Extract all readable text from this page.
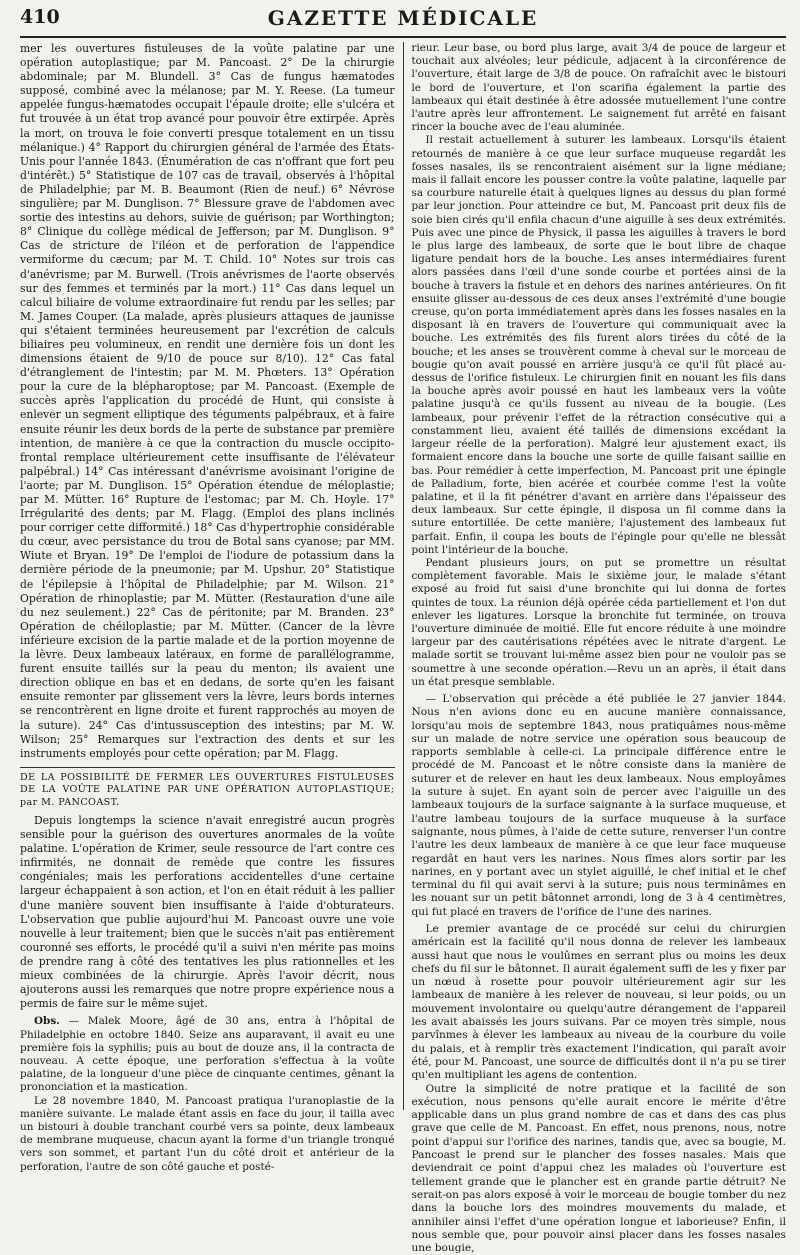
410	GAZETTE MÉDICALE

mer les ouvertures fistuleuses de la voûte palatine par une opération autoplastique; par M. Pancoast. 2° De la chirurgie abdominale; par M. Blundell. 3° Cas de fungus hæmatodes supposé, combiné avec la mélanose; par M. Y. Reese. (La tumeur appelée fungus-hæmatodes occupait l'épaule droite; elle s'ulcéra et fut trouvée à un état trop avancé pour pouvoir être extirpée. Après la mort, on trouva le foie converti presque totalement en un tissu mélanique.) 4° Rapport du chirurgien général de l'armée des États-Unis pour l'année 1843. (Énumération de cas n'offrant que fort peu d'intérêt.) 5° Statistique de 107 cas de travail, observés à l'hôpital de Philadelphie; par M. B. Beaumont (Rien de neuf.) 6° Névrose singulière; par M. Dunglison. 7° Blessure grave de l'abdomen avec sortie des intestins au dehors, suivie de guérison; par Worthington; 8° Clinique du collège médical de Jefferson; par M. Dunglison. 9° Cas de stricture de l'iléon et de perforation de l'appendice vermiforme du cæcum; par M. T. Child. 10° Notes sur trois cas d'anévrisme; par M. Burwell. (Trois anévrismes de l'aorte observés sur des femmes et terminés par la mort.) 11° Cas dans lequel un calcul biliaire de volume extraordinaire fut rendu par les selles; par M. James Couper. (La malade, après plusieurs attaques de jaunisse qui s'étaient terminées heureusement par l'excrétion de calculs biliaires peu volumineux, en rendit une dernière fois un dont les dimensions étaient de 9/10 de pouce sur 8/10). 12° Cas fatal d'étranglement de l'intestin; par M. M. Phœters. 13° Opération pour la cure de la blépharoptose; par M. Pancoast. (Exemple de succès après l'application du procédé de Hunt, qui consiste à enlever un segment elliptique des téguments palpébraux, et à faire ensuite réunir les deux bords de la perte de substance par première intention, de manière à ce que la contraction du muscle occipito-frontal remplace ultérieurement cette insuffisante de l'élévateur palpébral.) 14° Cas intéressant d'anévrisme avoisinant l'origine de l'aorte; par M. Dunglison. 15° Opération étendue de méloplastie; par M. Mütter. 16° Rupture de l'estomac; par M. Ch. Hoyle. 17° Irrégularité des dents; par M. Flagg. (Emploi des plans inclinés pour corriger cette difformité.) 18° Cas d'hypertrophie considérable du cœur, avec persistance du trou de Botal sans cyanose; par MM. Wiute et Bryan. 19° De l'emploi de l'iodure de potassium dans la dernière période de la pneumonie; par M. Upshur. 20° Statistique de l'épilepsie à l'hôpital de Philadelphie; par M. Wilson. 21° Opération de rhinoplastie; par M. Mütter. (Restauration d'une aile du nez seulement.) 22° Cas de péritonite; par M. Branden. 23° Opération de chéiloplastie; par M. Mütter. (Cancer de la lèvre inférieure excision de la partie malade et de la portion moyenne de la lèvre. Deux lambeaux latéraux, en forme de parallélogramme, furent ensuite taillés sur la peau du menton; ils avaient une direction oblique en bas et en dedans, de sorte qu'en les faisant ensuite remonter par glissement vers la lèvre, leurs bords internes se rencontrèrent en ligne droite et furent rapprochés au moyen de la suture). 24° Cas d'intussusception des intestins; par M. W. Wilson; 25° Remarques sur l'extraction des dents et sur les instruments employés pour cette opération; par M. Flagg.

DE LA POSSIBILITÉ DE FERMER LES OUVERTURES FISTULEUSES DE LA VOÛTE PALATINE PAR UNE OPÉRATION AUTOPLASTIQUE; par M. PANCOAST.

Depuis longtemps la science n'avait enregistré aucun progrès sensible pour la guérison des ouvertures anormales de la voûte palatine. L'opération de Krimer, seule ressource de l'art contre ces infirmités, ne donnait de remède que contre les fissures congéniales; mais les perforations accidentelles d'une certaine largeur échappaient à son action, et l'on en était réduit à les pallier d'une manière souvent bien insuffisante à l'aide d'obturateurs. L'observation que publie aujourd'hui M. Pancoast ouvre une voie nouvelle à leur traitement; bien que le succès n'ait pas entièrement couronné ses efforts, le procédé qu'il a suivi n'en mérite pas moins de prendre rang à côté des tentatives les plus rationnelles et les mieux combinées de la chirurgie. Après l'avoir décrit, nous ajouterons aussi les remarques que notre propre expérience nous a permis de faire sur le même sujet.

Obs. — Malek Moore, âgé de 30 ans, entra à l'hôpital de Philadelphie en octobre 1840. Seize ans auparavant, il avait eu une première fois la syphilis; puis au bout de douze ans, il la contracta de nouveau. A cette époque, une perforation s'effectua à la voûte palatine, de la longueur d'une pièce de cinquante centimes, gênant la prononciation et la mastication.

Le 28 novembre 1840, M. Pancoast pratiqua l'uranoplastie de la manière suivante. Le malade étant assis en face du jour, il tailla avec un bistouri à double tranchant courbé vers sa pointe, deux lambeaux de membrane muqueuse, chacun ayant la forme d'un triangle tronqué vers son sommet, et partant l'un du côté droit et antérieur de la perforation, l'autre de son côté gauche et posté-

rieur. Leur base, ou bord plus large, avait 3/4 de pouce de largeur et touchait aux alvéoles; leur pédicule, adjacent à la circonférence de l'ouverture, était large de 3/8 de pouce. On rafraîchit avec le bistouri le bord de l'ouverture, et l'on scarifia également la partie des lambeaux qui était destinée à être adossée mutuellement l'une contre l'autre après leur affrontement. Le saignement fut arrêté en faisant rincer la bouche avec de l'eau aluminée.

Il restait actuellement à suturer les lambeaux. Lorsqu'ils étaient retournés de manière à ce que leur surface muqueuse regardât les fosses nasales, ils se rencontraient aisément sur la ligne médiane; mais il fallait encore les pousser contre la voûte palatine, laquelle par sa courbure naturelle était à quelques lignes au dessus du plan formé par leur jonction. Pour atteindre ce but, M. Pancoast prit deux fils de soie bien cirés qu'il enfila chacun d'une aiguille à ses deux extrémités. Puis avec une pince de Physick, il passa les aiguilles à travers le bord le plus large des lambeaux, de sorte que le bout libre de chaque ligature pendait hors de la bouche. Les anses intermédiaires furent alors passées dans l'œil d'une sonde courbe et portées ainsi de la bouche à travers la fistule et en dehors des narines antérieures. On fit ensuite glisser au-dessous de ces deux anses l'extrémité d'une bougie creuse, qu'on porta immédiatement après dans les fosses nasales en la disposant là en travers de l'ouverture qui communiquait avec la bouche. Les extrémités des fils furent alors tirées du côté de la bouche; et les anses se trouvèrent comme à cheval sur le morceau de bougie qu'on avait poussé en arrière jusqu'à ce qu'il fût placé au-dessus de l'orifice fistuleux. Le chirurgien finit en nouant les fils dans la bouche après avoir poussé en haut les lambeaux vers la voûte palatine jusqu'à ce qu'ils fussent au niveau de la bougie. (Les lambeaux, pour prévenir l'effet de la rétraction consécutive qui a constamment lieu, avaient été taillés de dimensions excédant la largeur réelle de la perforation). Malgré leur ajustement exact, ils formaient encore dans la bouche une sorte de quille faisant saillie en bas. Pour remédier à cette imperfection, M. Pancoast prit une épingle de Palladium, forte, bien acérée et courbée comme l'est la voûte palatine, et il la fit pénétrer d'avant en arrière dans l'épaisseur des deux lambeaux. Sur cette épingle, il disposa un fil comme dans la suture entortillée. De cette manière, l'ajustement des lambeaux fut parfait. Enfin, il coupa les bouts de l'épingle pour qu'elle ne blessât point l'intérieur de la bouche.

Pendant plusieurs jours, on put se promettre un résultat complètement favorable. Mais le sixième jour, le malade s'étant exposé au froid fut saisi d'une bronchite qui lui donna de fortes quintes de toux. La réunion déjà opérée céda partiellement et l'on dut enlever les ligatures. Lorsque la bronchite fut terminée, on trouva l'ouverture diminuée de moitié. Elle fut encore réduite à une moindre largeur par des cautérisations répétées avec le nitrate d'argent. Le malade sortit se trouvant lui-même assez bien pour ne vouloir pas se soumettre à une seconde opération.—Revu un an après, il était dans un état presque semblable.

— L'observation qui précède a été publiée le 27 janvier 1844. Nous n'en avions donc eu en aucune manière connaissance, lorsqu'au mois de septembre 1843, nous pratiquâmes nous-même sur un malade de notre service une opération sous beaucoup de rapports semblable à celle-ci. La principale différence entre le procédé de M. Pancoast et le nôtre consiste dans la manière de suturer et de relever en haut les deux lambeaux. Nous employâmes la suture à sujet. En ayant soin de percer avec l'aiguille un des lambeaux toujours de la surface saignante à la surface muqueuse, et l'autre lambeau toujours de la surface muqueuse à la surface saignante, nous pûmes, à l'aide de cette suture, renverser l'un contre l'autre les deux lambeaux de manière à ce que leur face muqueuse regardât en haut vers les narines. Nous fîmes alors sortir par les narines, en y portant avec un stylet aiguillé, le chef initial et le chef terminal du fil qui avait servi à la suture; puis nous terminâmes en les nouant sur un petit bâtonnet arrondi, long de 3 à 4 centimètres, qui fut placé en travers de l'orifice de l'une des narines.

Le premier avantage de ce procédé sur celui du chirurgien américain est la facilité qu'il nous donna de relever les lambeaux aussi haut que nous le voulûmes en serrant plus ou moins les deux chefs du fil sur le bâtonnet. Il aurait également suffi de les y fixer par un nœud à rosette pour pouvoir ultérieurement agir sur les lambeaux de manière à les relever de nouveau, si leur poids, ou un mouvement involontaire ou quelqu'autre dérangement de l'appareil les avait abaissés les jours suivans. Par ce moyen très simple, nous parvînmes à élever les lambeaux au niveau de la courbure du voile du palais, et à remplir très exactement l'indication, qui paraît avoir été, pour M. Pancoast, une source de difficultés dont il n'a pu se tirer qu'en multipliant les agens de contention.

Outre la simplicité de notre pratique et la facilité de son exécution, nous pensons qu'elle aurait encore le mérite d'être applicable dans un plus grand nombre de cas et dans des cas plus grave que celle de M. Pancoast. En effet, nous prenons, nous, notre point d'appui sur l'orifice des narines, tandis que, avec sa bougie, M. Pancoast le prend sur le plancher des fosses nasales. Mais que deviendrait ce point d'appui chez les malades où l'ouverture est tellement grande que le plancher est en grande partie détruit? Ne serait-on pas alors exposé à voir le morceau de bougie tomber du nez dans la bouche lors des moindres mouvements du malade, et annihiler ainsi l'effet d'une opération longue et laborieuse? Enfin, il nous semble que, pour pouvoir ainsi placer dans les fosses nasales une bougie,
